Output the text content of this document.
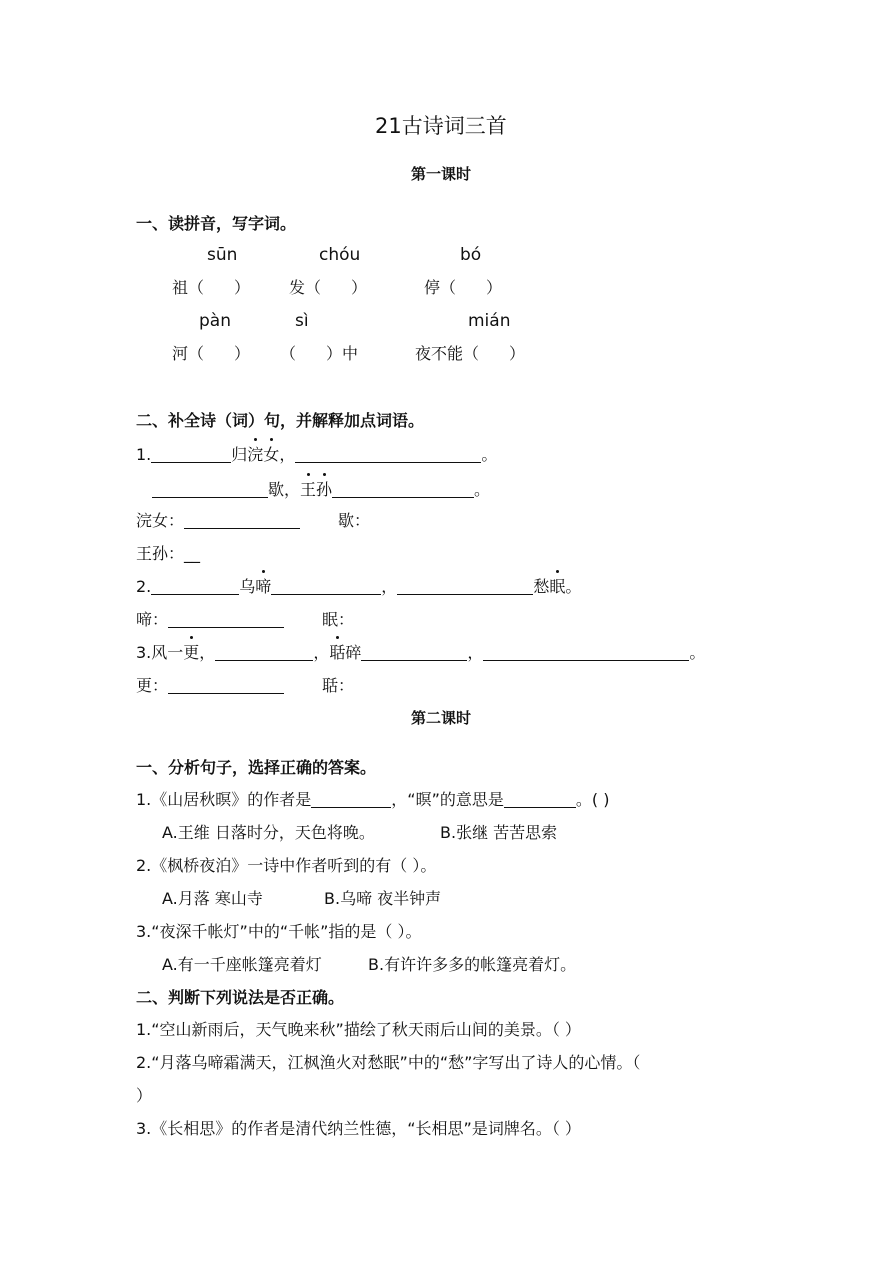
21古诗词三首
第一课时
一、读拼音，写字词。
sūn	chóu	bó
祖（ ） 发（ ）	停（ ）
pàn	sì	mián
河（ ） （ ）中	夜不能（ ）
二、补全诗（词）句，并解释加点词语。
1.	归浣女，	。
歇，王孙	。
浣女：	歇：
王孙：__
2.	乌啼	，	愁眠。
啼：	眠：
3.风一更，	，聒碎	，	。
更：	聒：
第二课时
一、分析句子，选择正确的答案。
1.《山居秋暝》的作者是	，“暝”的意思是	。( )
A.王维 日落时分，天色将晚。	B.张继 苦苦思索
2.《枫桥夜泊》一诗中作者听到的有（ ）。
A.月落 寒山寺	B.乌啼 夜半钟声
3.“夜深千帐灯”中的“千帐”指的是（ ）。
A.有一千座帐篷亮着灯	B.有许许多多的帐篷亮着灯。
二、判断下列说法是否正确。
1.“空山新雨后，天气晚来秋”描绘了秋天雨后山间的美景。（ ）
2.“月落乌啼霜满天，江枫渔火对愁眠”中的“愁”字写出了诗人的心情。（
）
3.《长相思》的作者是清代纳兰性德，“长相思”是词牌名。（ ）
